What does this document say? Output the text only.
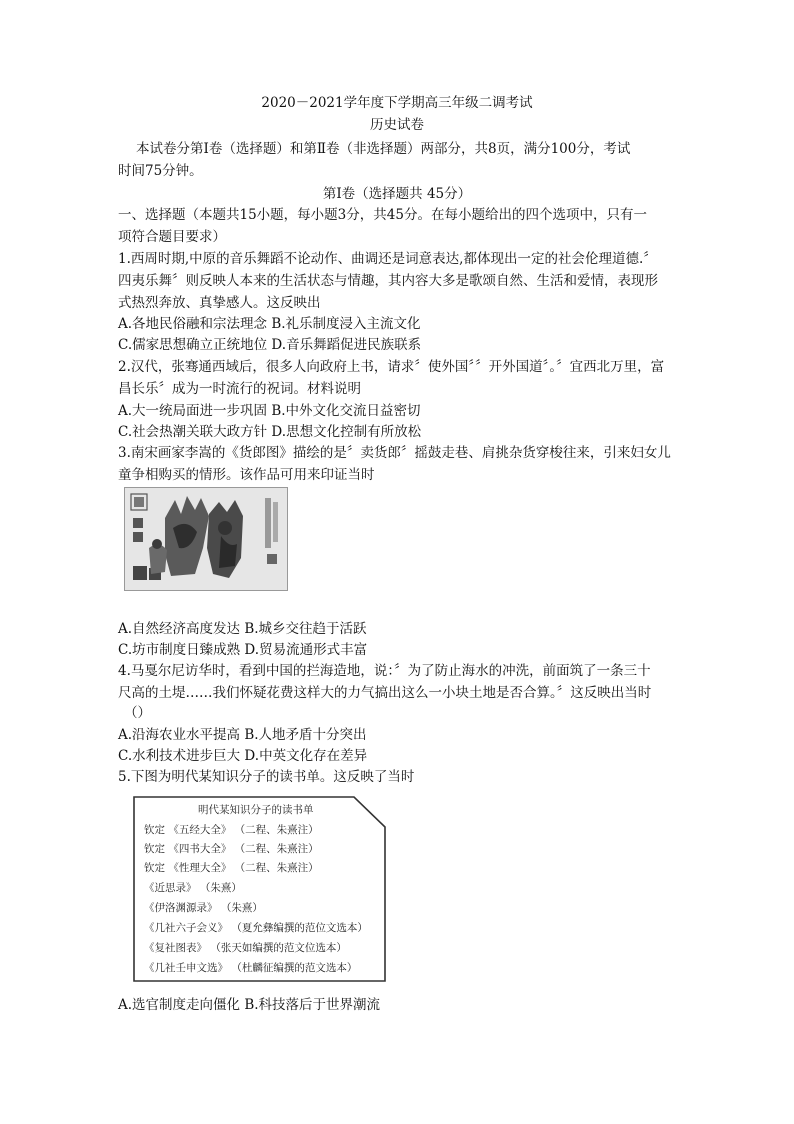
2020－2021学年度下学期高三年级二调考试
历史试卷
本试卷分第Ⅰ卷（选择题）和第Ⅱ卷（非选择题）两部分，共8页，满分100分，考试
时间75分钟。
第Ⅰ卷（选择题共 45分）
一、选择题（本题共15小题，每小题3分，共45分。在每小题给出的四个选项中，只有一
项符合题目要求）
1.西周时期,中原的音乐舞蹈不论动作、曲调还是词意表达,都体现出一定的社会伦理道德.〞
四夷乐舞〞则反映人本来的生活状态与情趣，其内容大多是歌颂自然、生活和爱情，表现形
式热烈奔放、真挚感人。这反映出
A.各地民俗融和宗法理念 B.礼乐制度浸入主流文化
C.儒家思想确立正统地位 D.音乐舞蹈促进民族联系
2.汉代，张骞通西域后，很多人向政府上书，请求〞使外国〞〞开外国道〞。〞宜西北万里，富
昌长乐〞成为一时流行的祝词。材料说明
A.大一统局面进一步巩固 B.中外文化交流日益密切
C.社会热潮关联大政方针 D.思想文化控制有所放松
3.南宋画家李嵩的《货郎图》描绘的是〞卖货郎〞摇鼓走巷、肩挑杂货穿梭往来，引来妇女儿
童争相购买的情形。该作品可用来印证当时
A.自然经济高度发达 B.城乡交往趋于活跃
C.坊市制度日臻成熟 D.贸易流通形式丰富
4.马戛尔尼访华时，看到中国的拦海造地，说：〞为了防止海水的冲洗，前面筑了一条三十
尺高的土堤……我们怀疑花费这样大的力气搞出这么一小块土地是否合算。〞这反映出当时
（）
A.沿海农业水平提高 B.人地矛盾十分突出
C.水利技术进步巨大 D.中英文化存在差异
5.下图为明代某知识分子的读书单。这反映了当时
明代某知识分子的读书单
钦定 《五经大全》 （二程、朱熹注）
钦定 《四书大全》 （二程、朱熹注）
钦定 《性理大全》 （二程、朱熹注）
《近思录》 （朱熹）
《伊洛渊源录》 （朱熹）
《几社六子会义》 （夏允彝编撰的范位文选本）
《复社图表》 （张天如编撰的范文位选本）
《几社壬申文选》 （杜麟征编撰的范文选本）
A.选官制度走向僵化 B.科技落后于世界潮流
